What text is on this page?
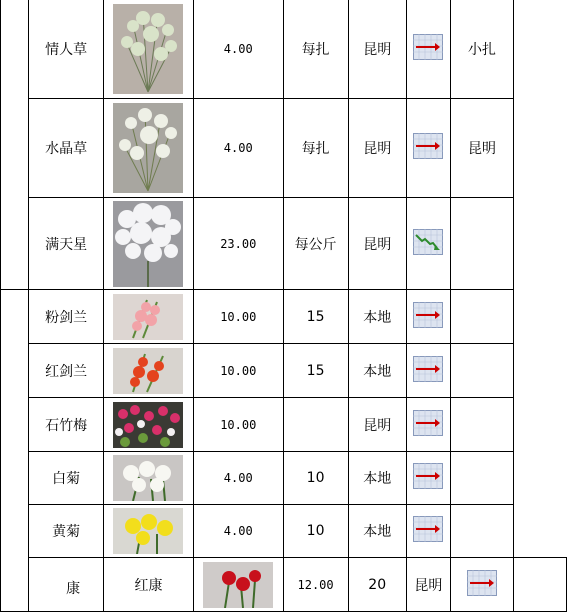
	情人草		4.00	每扎	昆明		小扎	
	水晶草		4.00	每扎	昆明		昆明	
	满天星		23.00	每公斤	昆明		
	粉剑兰		10.00	15	本地		
	红剑兰		10.00	15	本地		
	石竹梅		10.00		昆明		
	白菊		4.00	10	本地		
	黄菊		4.00	10	本地		

	康	红康		12.00	20	昆明		
